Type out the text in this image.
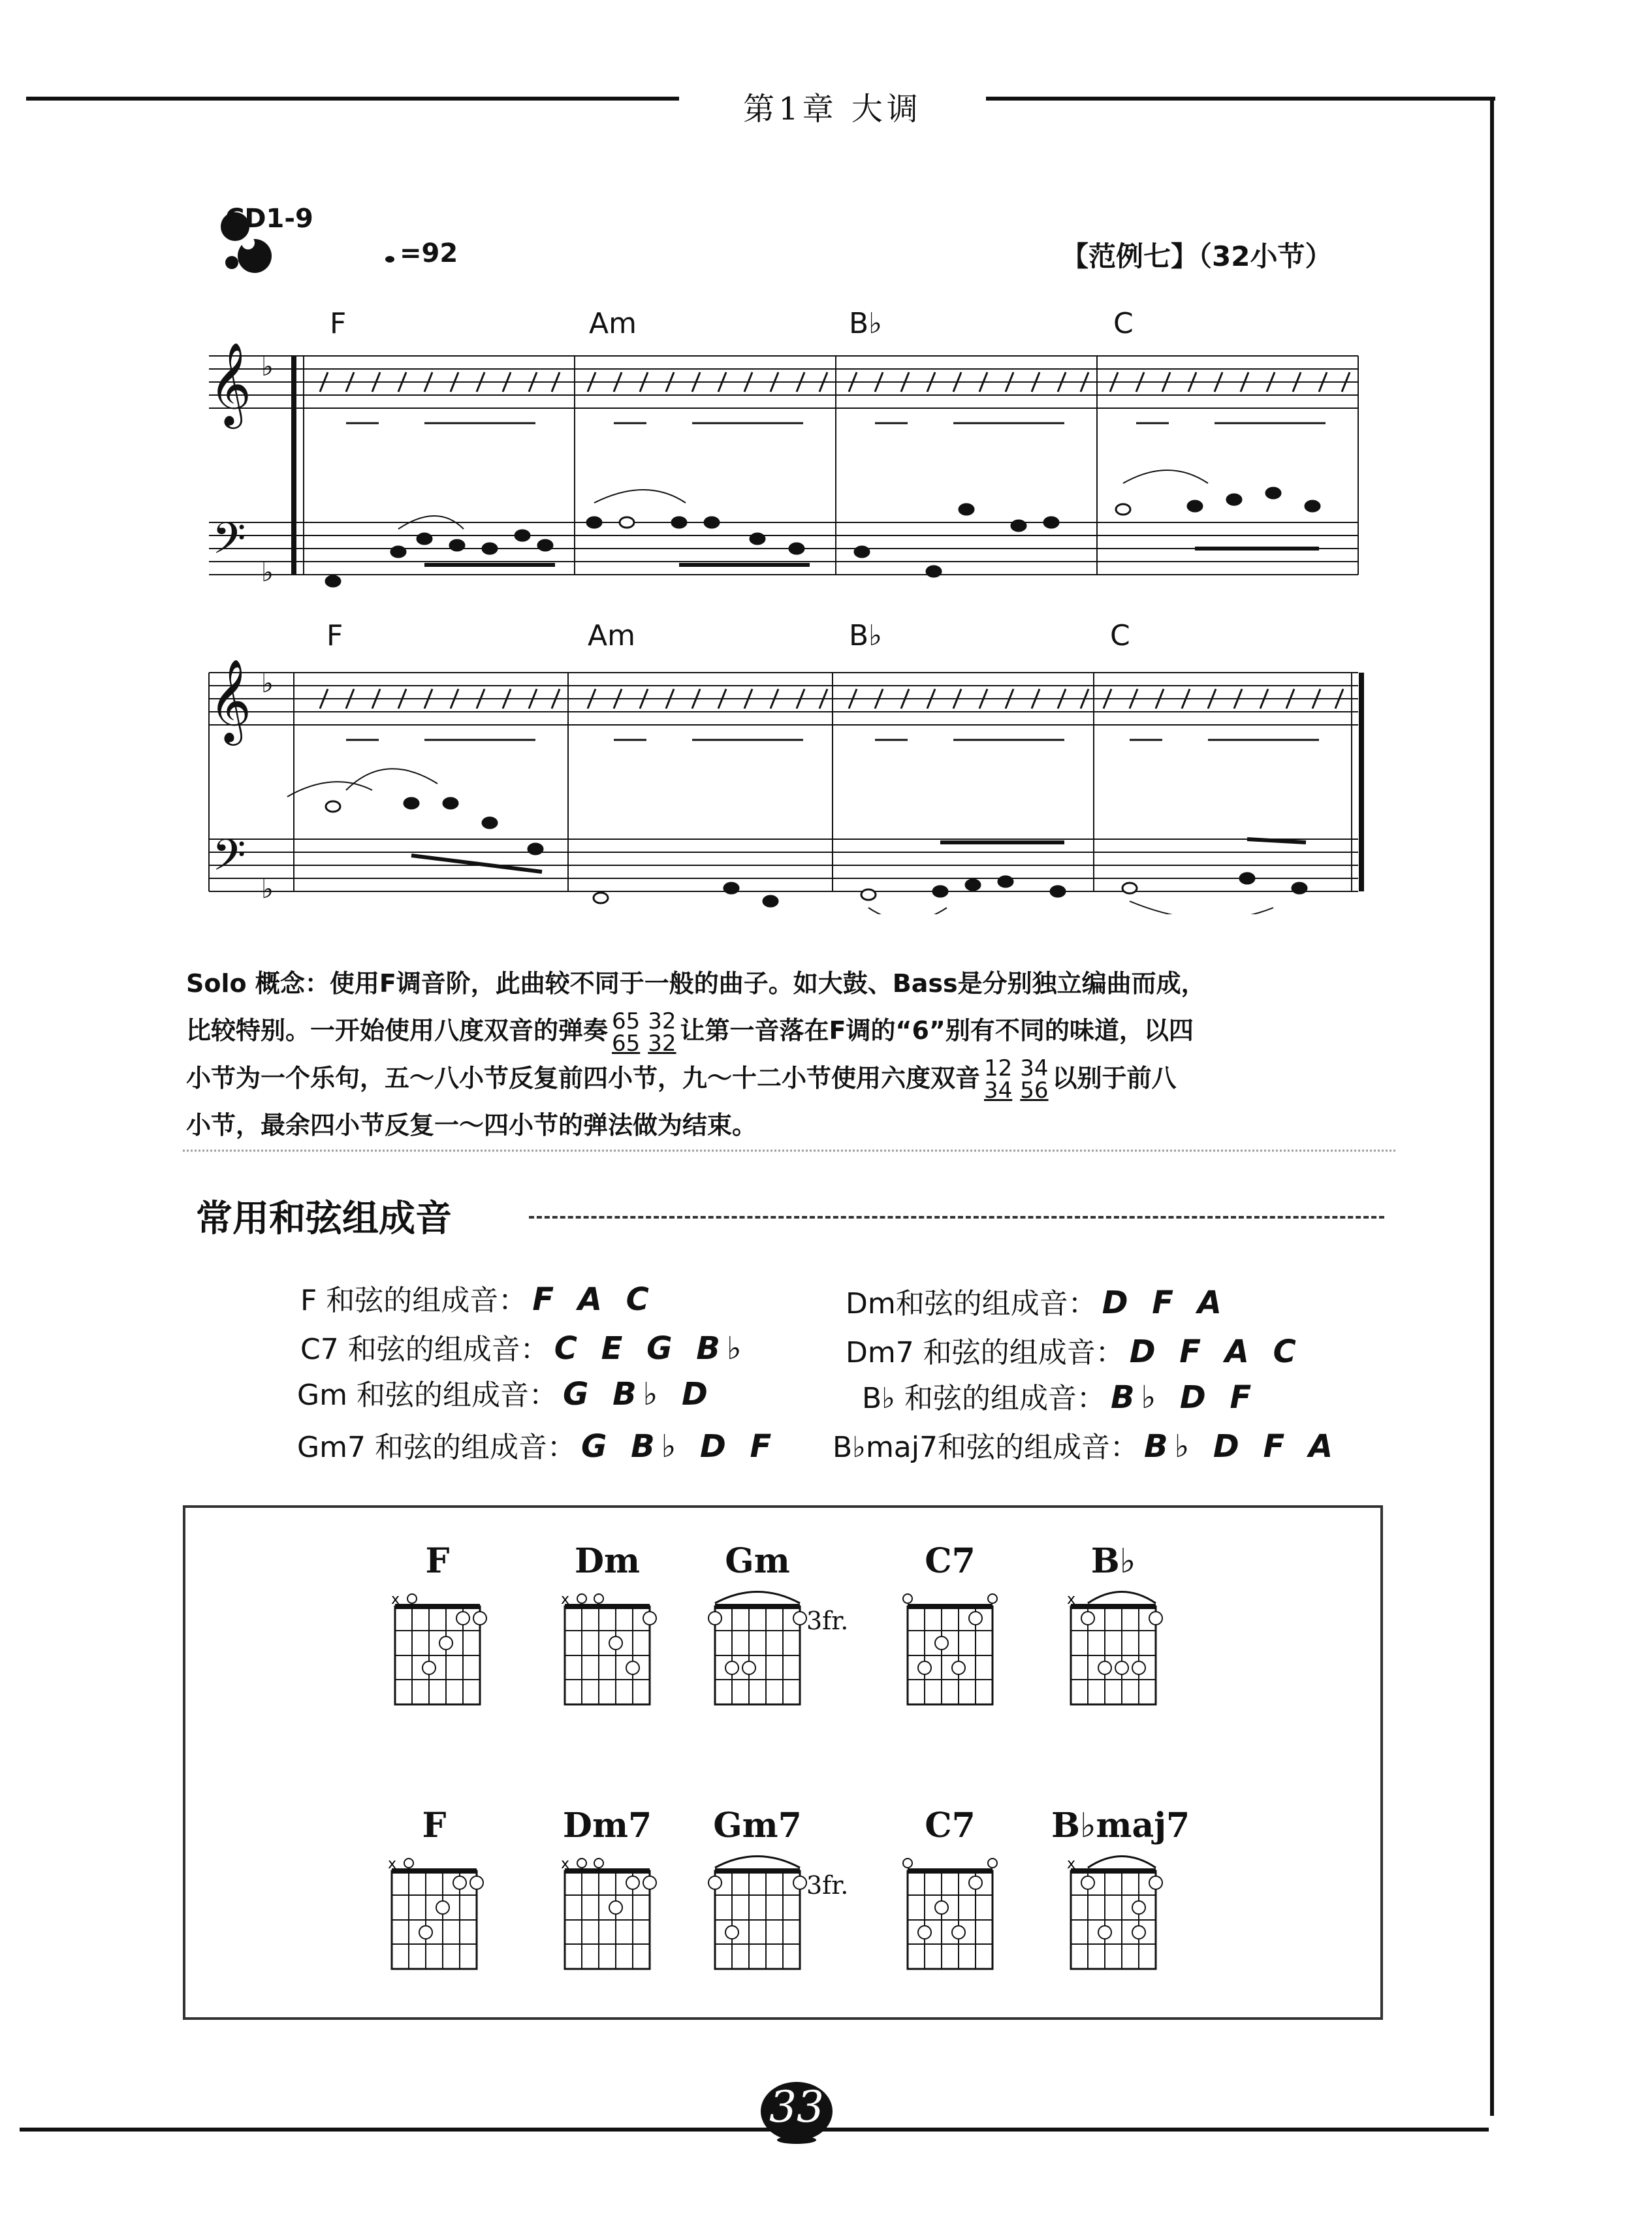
第1章 大调
CD1-9
=92	【范例七】（32小节）
F	Am	B♭	C
F	Am	B♭	C
𝄞
𝄢
𝄞
𝄢
♭
♭
♭
♭
Solo 概念：使用F调音阶，此曲较不同于一般的曲子。如大鼓、Bass是分别独立编曲而成，
比较特别。一开始使用八度双音的弹奏 65
65
32
32 让第一音落在F调的“6”别有不同的味道，以四
小节为一个乐句，五～八小节反复前四小节，九～十二小节使用六度双音 12
34
34
56 以别于前八
小节，最余四小节反复一～四小节的弹法做为结束。
常用和弦组成音
F 和弦的组成音： F A C
C7 和弦的组成音： C E G B♭
Gm 和弦的组成音： G B♭ D
Gm7 和弦的组成音： G B♭ D F
Dm和弦的组成音： D F A
Dm7 和弦的组成音： D F A C
B♭ 和弦的组成音： B♭ D F
B♭maj7和弦的组成音： B♭ D F A
F
x
Dm
x
Gm
3fr.
C7	B♭
x
F
x
Dm7
x
Gm7
3fr.
C7	B♭maj7
x
33
